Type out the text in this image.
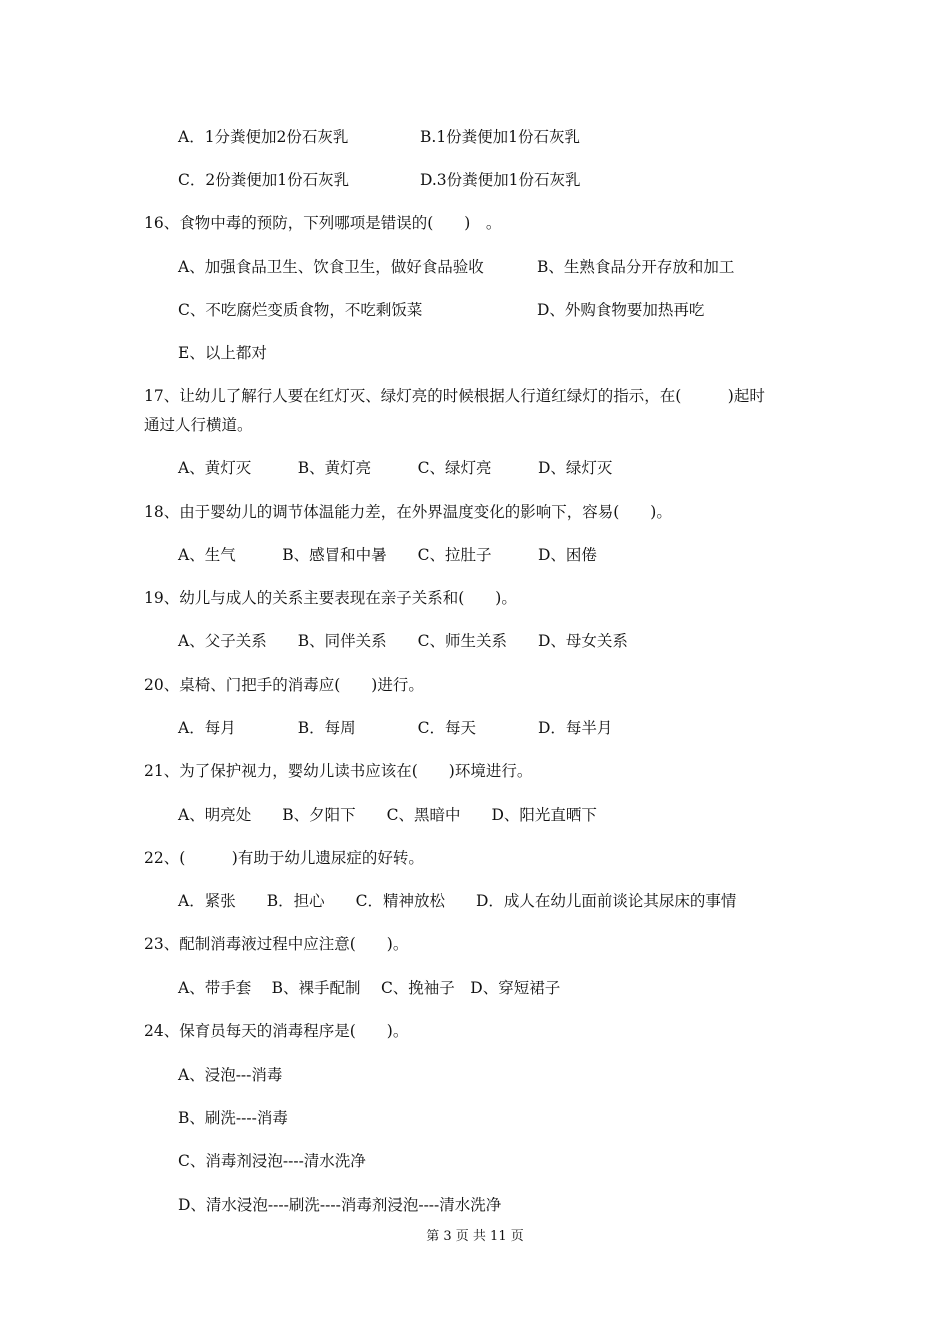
A．1分粪便加2份石灰乳	B.1份粪便加1份石灰乳
C．2份粪便加1份石灰乳	D.3份粪便加1份石灰乳
16、食物中毒的预防，下列哪项是错误的(　　)　。
A、加强食品卫生、饮食卫生，做好食品验收	B、生熟食品分开存放和加工
C、不吃腐烂变质食物，不吃剩饭菜	D、外购食物要加热再吃
E、以上都对
17、让幼儿了解行人要在红灯灭、绿灯亮的时候根据人行道红绿灯的指示，在(　　　)起时
通过人行横道。
A、黄灯灭　　　B、黄灯亮　　　C、绿灯亮　　　D、绿灯灭
18、由于婴幼儿的调节体温能力差，在外界温度变化的影响下，容易(　　)。
A、生气　　　B、感冒和中暑　　C、拉肚子　　　D、困倦
19、幼儿与成人的关系主要表现在亲子关系和(　　)。
A、父子关系　　B、同伴关系　　C、师生关系　　D、母女关系
20、桌椅、门把手的消毒应(　　)进行。
A．每月　　　　B．每周　　　　C．每天　　　　D．每半月
21、为了保护视力，婴幼儿读书应该在(　　)环境进行。
A、明亮处　　B、夕阳下　　C、黑暗中　　D、阳光直晒下
22、(　　　)有助于幼儿遗尿症的好转。
A．紧张　　B．担心　　C．精神放松　　D．成人在幼儿面前谈论其尿床的事情
23、配制消毒液过程中应注意(　　)。
A、带手套　 B、裸手配制　 C、挽袖子　D、穿短裙子
24、保育员每天的消毒程序是(　　)。
A、浸泡---消毒
B、刷洗----消毒
C、消毒剂浸泡----清水洗净
D、清水浸泡----刷洗----消毒剂浸泡----清水洗净
第 3 页 共 11 页
